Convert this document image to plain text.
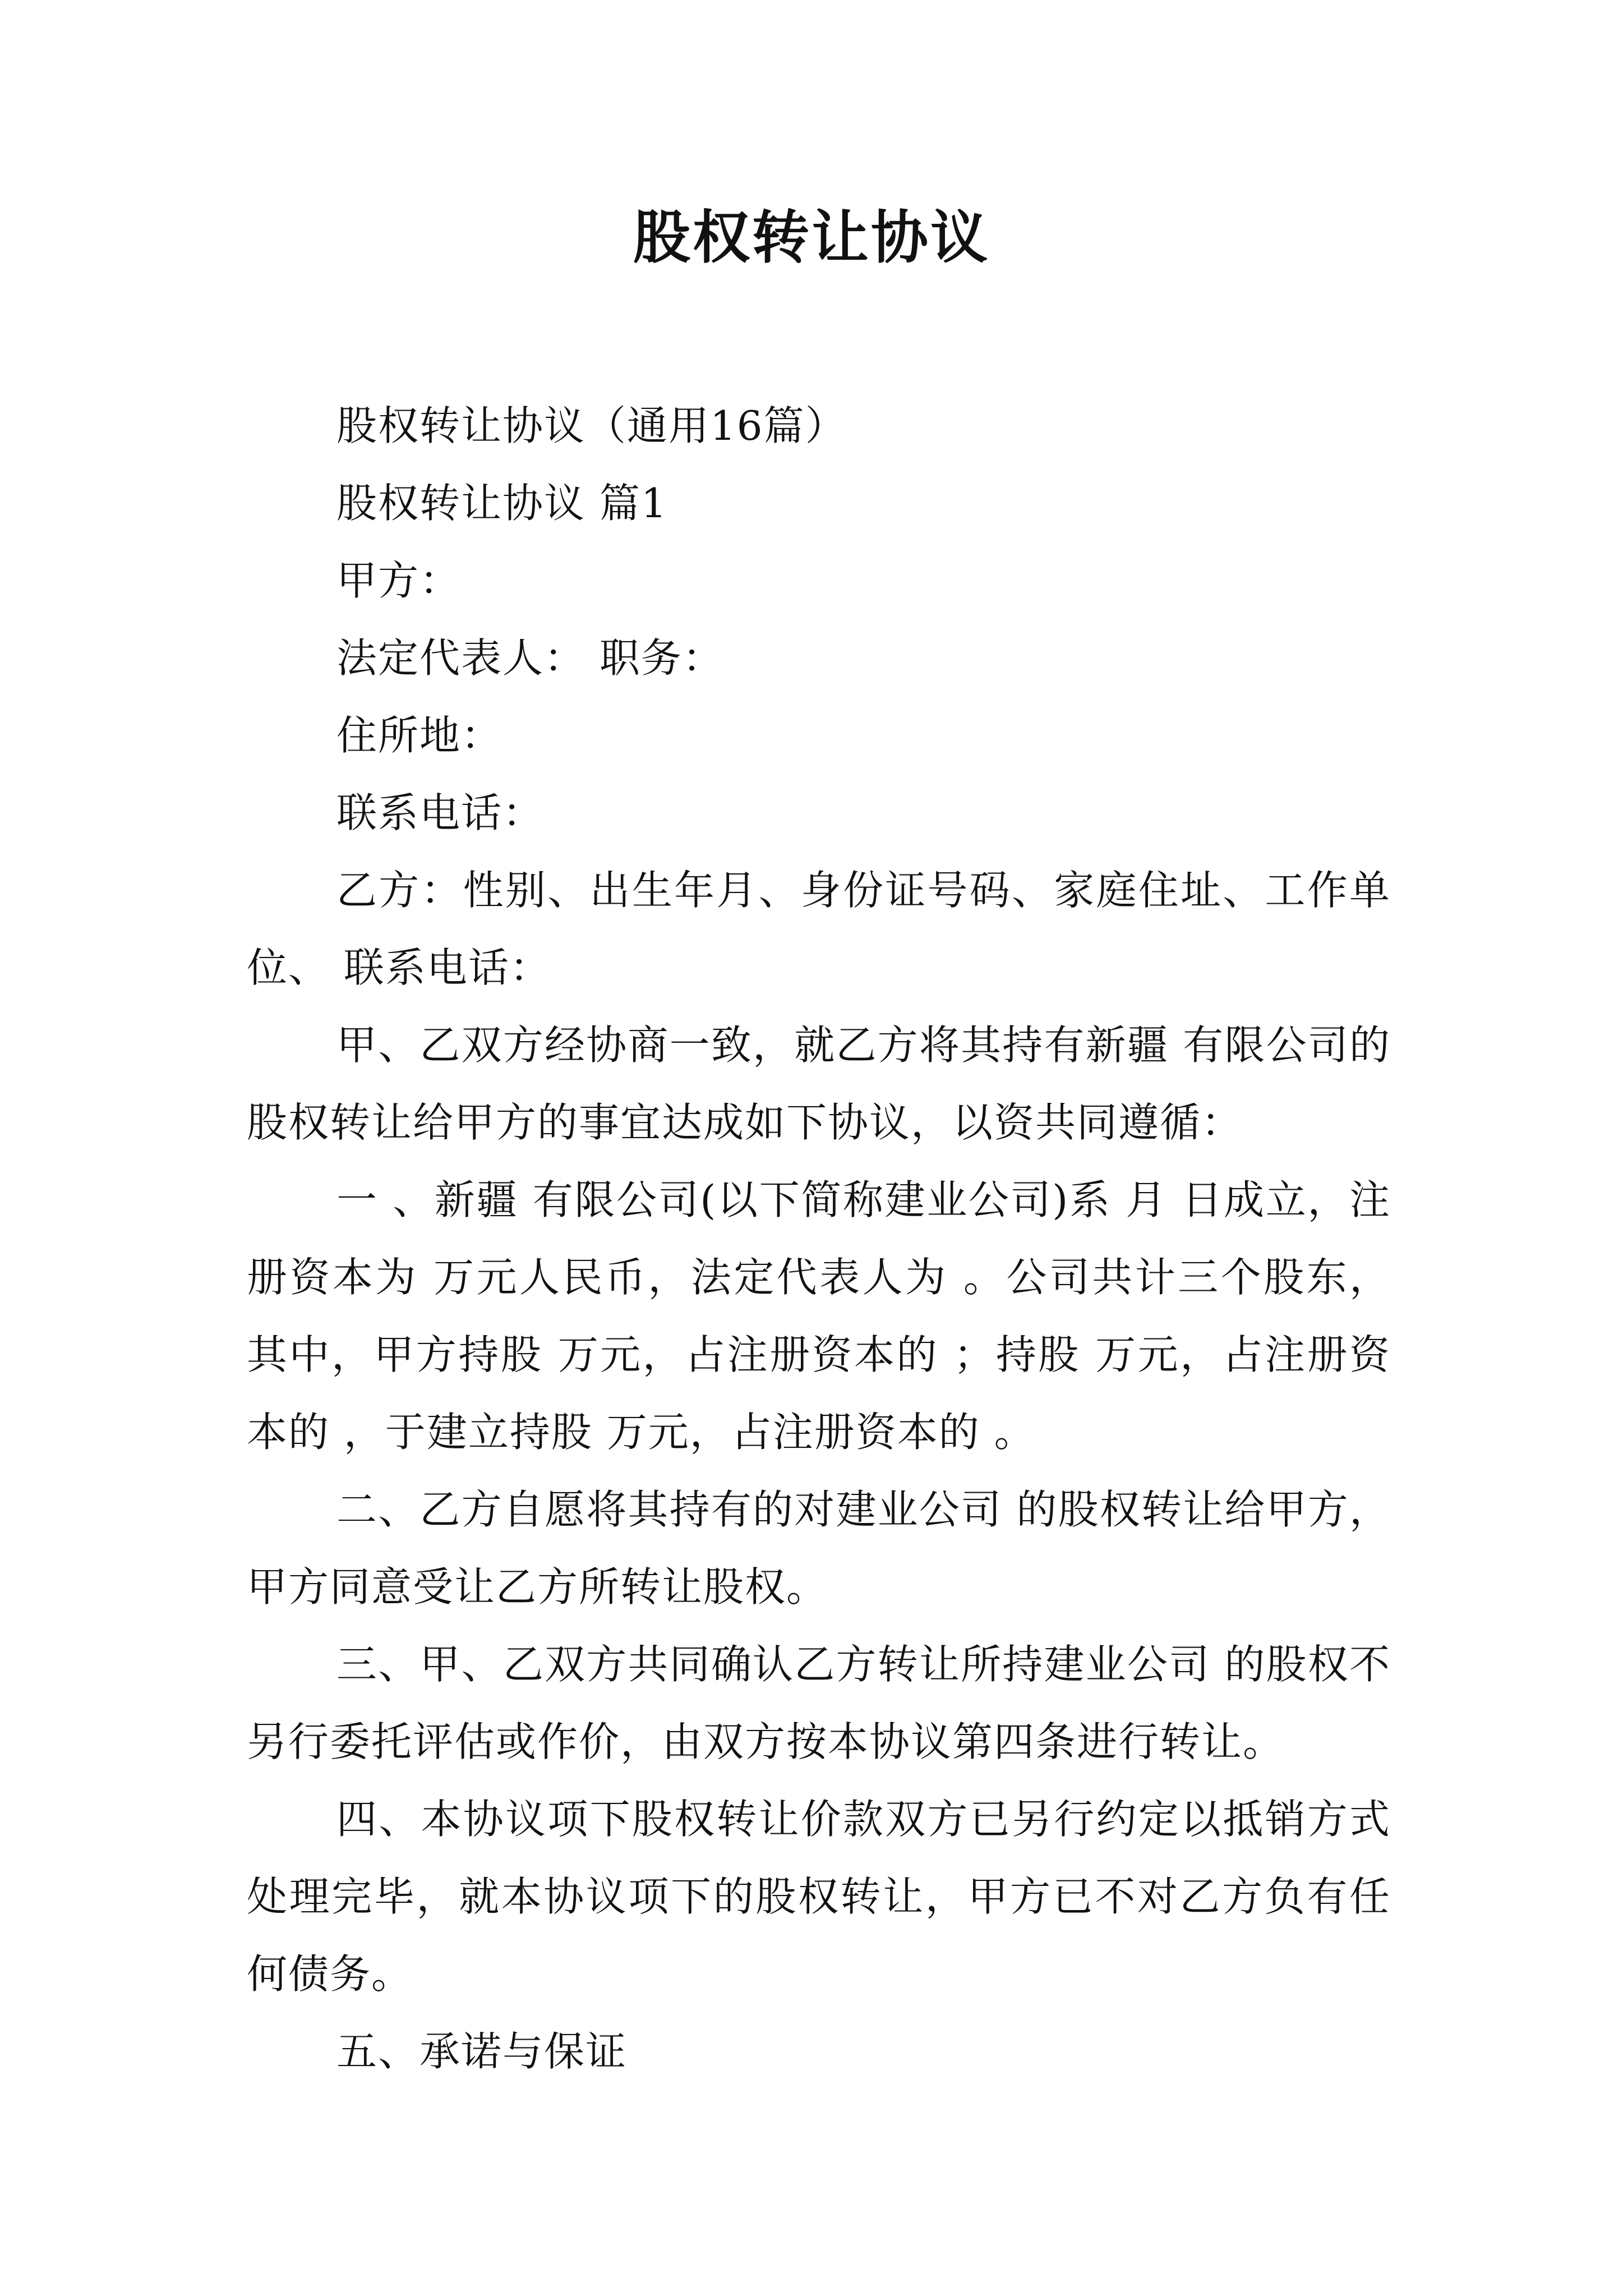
股权转让协议

股权转让协议（通用16篇）

股权转让协议 篇1

甲方：

法定代表人： 职务：

住所地：

联系电话：

乙方：性别、出生年月、身份证号码、家庭住址、工作单位、 联系电话：

甲、乙双方经协商一致，就乙方将其持有新疆 有限公司的股权转让给甲方的事宜达成如下协议，以资共同遵循：

一 、新疆 有限公司(以下简称建业公司)系 月 日成立，注册资本为 万元人民币，法定代表人为 。公司共计三个股东，其中，甲方持股 万元，占注册资本的 ；持股 万元，占注册资本的 ，于建立持股 万元，占注册资本的 。

二、乙方自愿将其持有的对建业公司 的股权转让给甲方，甲方同意受让乙方所转让股权。

三、甲、乙双方共同确认乙方转让所持建业公司 的股权不另行委托评估或作价，由双方按本协议第四条进行转让。

四、本协议项下股权转让价款双方已另行约定以抵销方式处理完毕，就本协议项下的股权转让，甲方已不对乙方负有任何债务。

五、承诺与保证
